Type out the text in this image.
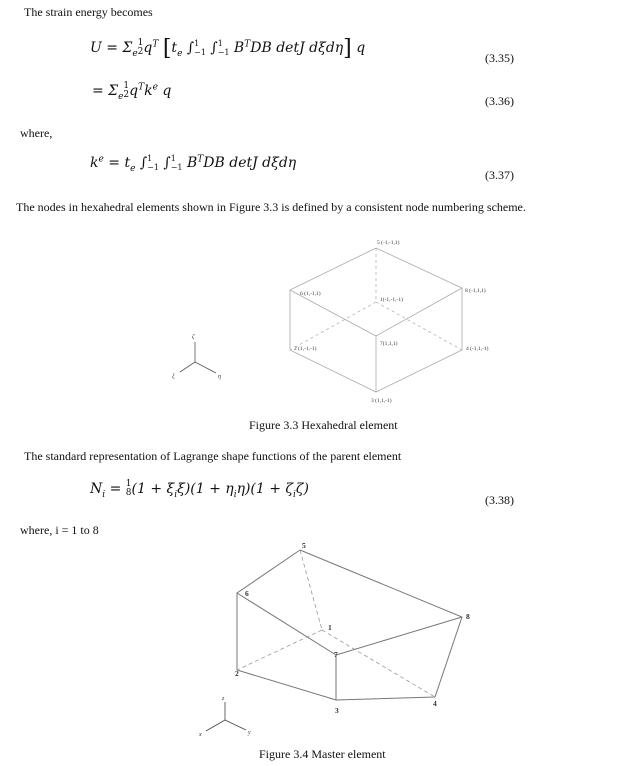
The strain energy becomes
$U = \Sigma_e1$
$2q^T$ [$t_e$ ∫1
−1 ∫1
−1 $B^TDB$ detJ dξdη] q
(3.35)
= $\Sigma_e1$
$2q^Tk^e$ q
(3.36)
where,
$k^e = t_e$ ∫1
−1 ∫1
−1 $B^TDB$ detJ dξdη
(3.37)
The nodes in hexahedral elements shown in Figure 3.3 is defined by a consistent node numbering scheme.
5 (-1,-1,1)
6 (1,-1,1)
1(-1,-1,-1)
8 (-1,1,1)
7(1,1,1)
2 (1,-1,-1)	4 (-1,1,-1)
3 (1,1,-1)
ζ
ξ	η
Figure 3.3 Hexahedral element
The standard representation of Lagrange shape functions of the parent element
$N_i = 1$
$8(1 + \xi_i\xi)(1 + \eta_i\eta)(1 + \zeta_i\zeta)$
(3.38)
where, i = 1 to 8
5
6
1
8
7
2
4
3
z
x	y
Figure 3.4 Master element
